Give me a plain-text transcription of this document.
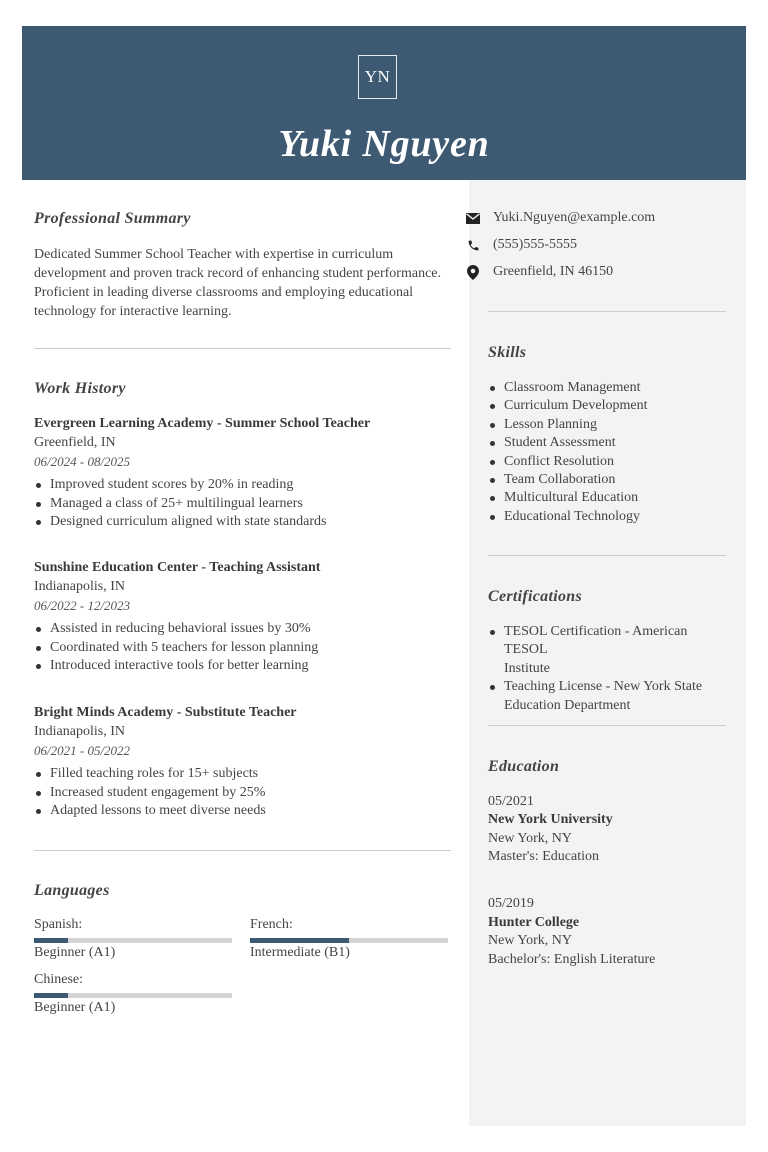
YN
Yuki Nguyen
Professional Summary
Dedicated Summer School Teacher with expertise in curriculum
development and proven track record of enhancing student performance.
Proficient in leading diverse classrooms and employing educational
technology for interactive learning.
Work History
Evergreen Learning Academy - Summer School Teacher
Greenfield, IN
06/2024 - 08/2025
Improved student scores by 20% in reading
Managed a class of 25+ multilingual learners
Designed curriculum aligned with state standards
Sunshine Education Center - Teaching Assistant
Indianapolis, IN
06/2022 - 12/2023
Assisted in reducing behavioral issues by 30%
Coordinated with 5 teachers for lesson planning
Introduced interactive tools for better learning
Bright Minds Academy - Substitute Teacher
Indianapolis, IN
06/2021 - 05/2022
Filled teaching roles for 15+ subjects
Increased student engagement by 25%
Adapted lessons to meet diverse needs
Languages
Spanish:
Beginner (A1)
French:
Intermediate (B1)
Chinese:
Beginner (A1)
Yuki.Nguyen@example.com
(555)555-5555
Greenfield, IN 46150
Skills
Classroom Management
Curriculum Development
Lesson Planning
Student Assessment
Conflict Resolution
Team Collaboration
Multicultural Education
Educational Technology
Certifications
TESOL Certification - American TESOL
Institute
Teaching License - New York State
Education Department
Education
05/2021
New York University
New York, NY
Master's: Education
05/2019
Hunter College
New York, NY
Bachelor's: English Literature
